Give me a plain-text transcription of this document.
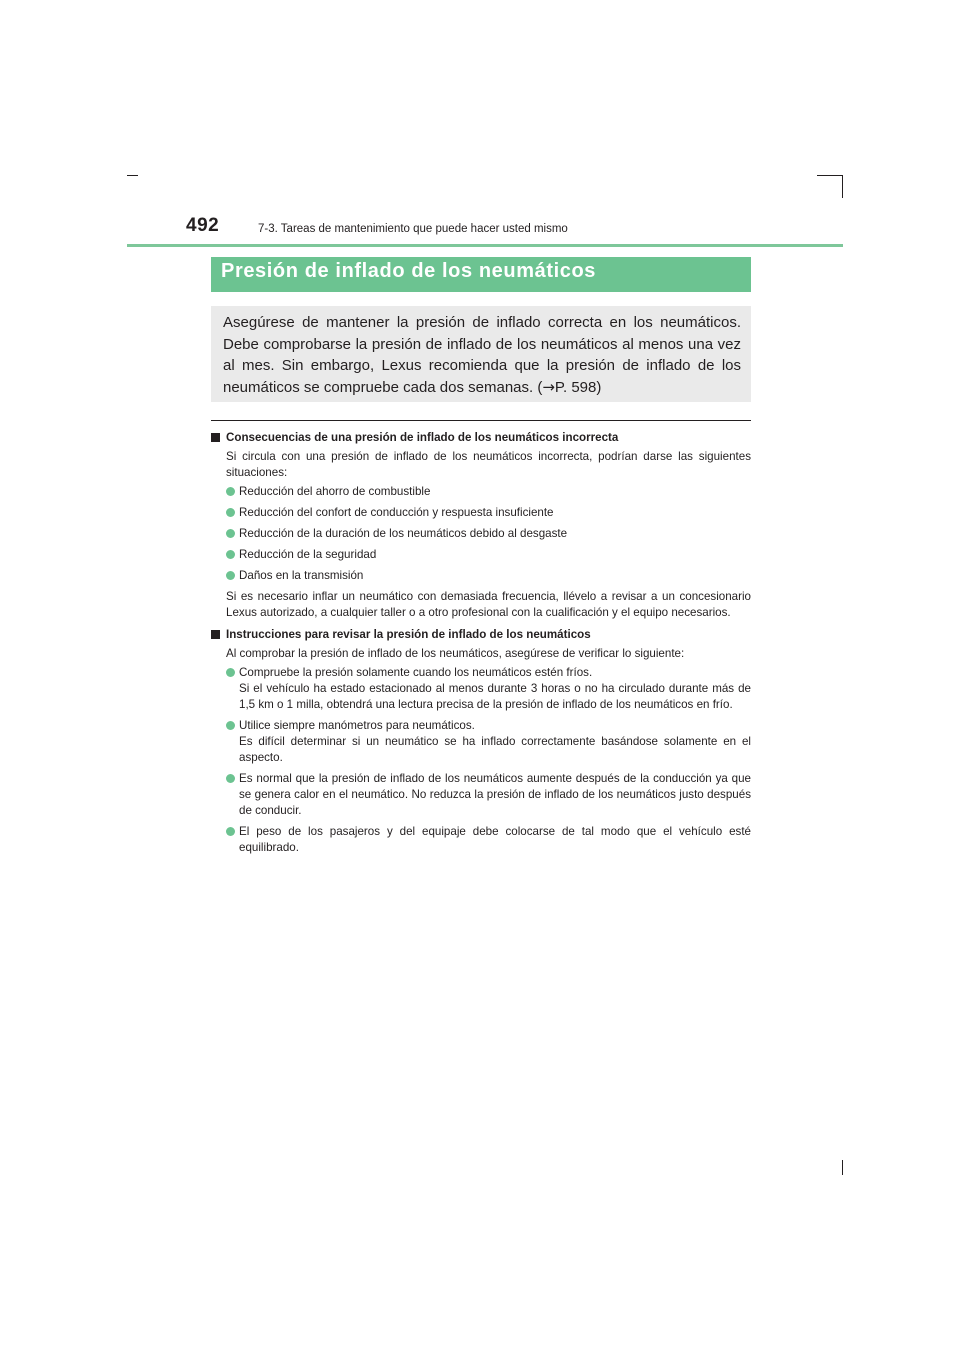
492	7-3. Tareas de mantenimiento que puede hacer usted mismo
Presión de inflado de los neumáticos

Asegúrese de mantener la presión de inflado correcta en los neumáticos. Debe comprobarse la presión de inflado de los neumáticos al menos una vez al mes. Sin embargo, Lexus recomienda que la presión de inflado de los neumáticos se compruebe cada dos semanas. (→P. 598)

Consecuencias de una presión de inflado de los neumáticos incorrecta
Si circula con una presión de inflado de los neumáticos incorrecta, podrían darse las siguientes situaciones:
Reducción del ahorro de combustible
Reducción del confort de conducción y respuesta insuficiente
Reducción de la duración de los neumáticos debido al desgaste
Reducción de la seguridad
Daños en la transmisión
Si es necesario inflar un neumático con demasiada frecuencia, llévelo a revisar a un concesionario Lexus autorizado, a cualquier taller o a otro profesional con la cualificación y el equipo necesarios.
Instrucciones para revisar la presión de inflado de los neumáticos
Al comprobar la presión de inflado de los neumáticos, asegúrese de verificar lo siguiente:
Compruebe la presión solamente cuando los neumáticos estén fríos.
Si el vehículo ha estado estacionado al menos durante 3 horas o no ha circulado durante más de 1,5 km o 1 milla, obtendrá una lectura precisa de la presión de inflado de los neumáticos en frío.
Utilice siempre manómetros para neumáticos.
Es difícil determinar si un neumático se ha inflado correctamente basándose solamente en el aspecto.
Es normal que la presión de inflado de los neumáticos aumente después de la conducción ya que se genera calor en el neumático. No reduzca la presión de inflado de los neumáticos justo después de conducir.
El peso de los pasajeros y del equipaje debe colocarse de tal modo que el vehículo esté equilibrado.
